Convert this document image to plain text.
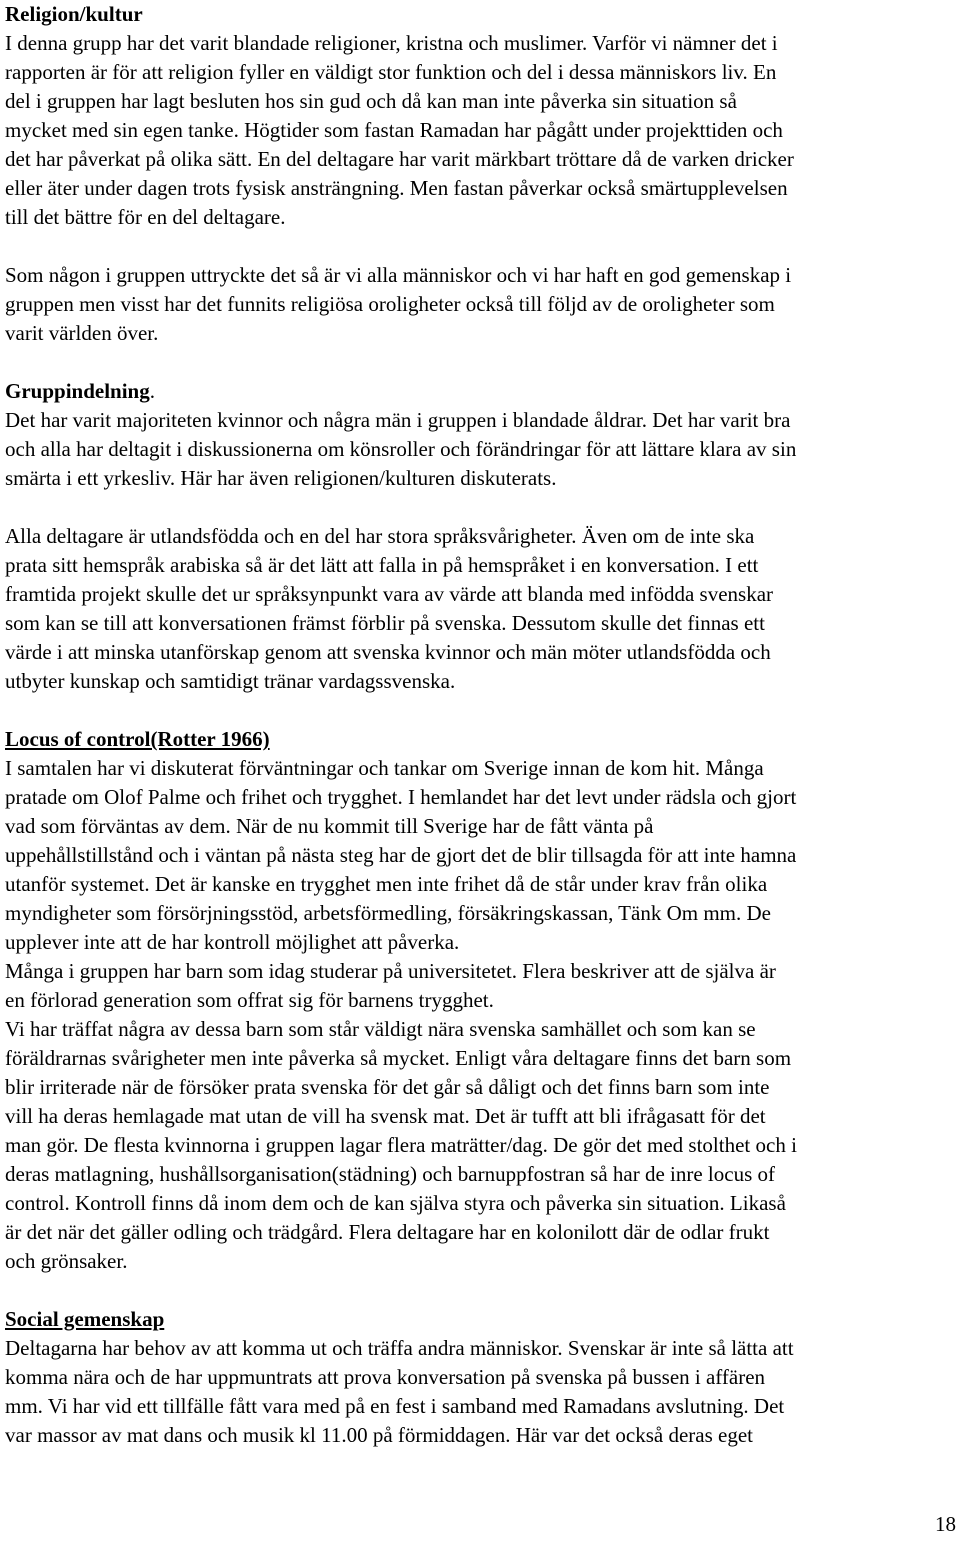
Religion/kultur
I denna grupp har det varit blandade religioner, kristna och muslimer. Varför vi nämner det i
rapporten är för att religion fyller en väldigt stor funktion och del i dessa människors liv. En
del i gruppen har lagt besluten hos sin gud och då kan man inte påverka sin situation så
mycket med sin egen tanke. Högtider som fastan Ramadan har pågått under projekttiden och
det har påverkat på olika sätt. En del deltagare har varit märkbart tröttare då de varken dricker
eller äter under dagen trots fysisk ansträngning. Men fastan påverkar också smärtupplevelsen
till det bättre för en del deltagare.
Som någon i gruppen uttryckte det så är vi alla människor och vi har haft en god gemenskap i
gruppen men visst har det funnits religiösa oroligheter också till följd av de oroligheter som
varit världen över.
Gruppindelning.
Det har varit majoriteten kvinnor och några män i gruppen i blandade åldrar. Det har varit bra
och alla har deltagit i diskussionerna om könsroller och förändringar för att lättare klara av sin
smärta i ett yrkesliv. Här har även religionen/kulturen diskuterats.
Alla deltagare är utlandsfödda och en del har stora språksvårigheter. Även om de inte ska
prata sitt hemspråk arabiska så är det lätt att falla in på hemspråket i en konversation. I ett
framtida projekt skulle det ur språksynpunkt vara av värde att blanda med infödda svenskar
som kan se till att konversationen främst förblir på svenska. Dessutom skulle det finnas ett
värde i att minska utanförskap genom att svenska kvinnor och män möter utlandsfödda och
utbyter kunskap och samtidigt tränar vardagssvenska.
Locus of control(Rotter 1966)
I samtalen har vi diskuterat förväntningar och tankar om Sverige innan de kom hit. Många
pratade om Olof Palme och frihet och trygghet. I hemlandet har det levt under rädsla och gjort
vad som förväntas av dem. När de nu kommit till Sverige har de fått vänta på
uppehållstillstånd och i väntan på nästa steg har de gjort det de blir tillsagda för att inte hamna
utanför systemet. Det är kanske en trygghet men inte frihet då de står under krav från olika
myndigheter som försörjningsstöd, arbetsförmedling, försäkringskassan, Tänk Om mm. De
upplever inte att de har kontroll möjlighet att påverka.
Många i gruppen har barn som idag studerar på universitetet. Flera beskriver att de själva är
en förlorad generation som offrat sig för barnens trygghet.
Vi har träffat några av dessa barn som står väldigt nära svenska samhället och som kan se
föräldrarnas svårigheter men inte påverka så mycket. Enligt våra deltagare finns det barn som
blir irriterade när de försöker prata svenska för det går så dåligt och det finns barn som inte
vill ha deras hemlagade mat utan de vill ha svensk mat. Det är tufft att bli ifrågasatt för det
man gör. De flesta kvinnorna i gruppen lagar flera maträtter/dag. De gör det med stolthet och i
deras matlagning, hushållsorganisation(städning) och barnuppfostran så har de inre locus of
control. Kontroll finns då inom dem och de kan själva styra och påverka sin situation. Likaså
är det när det gäller odling och trädgård. Flera deltagare har en kolonilott där de odlar frukt
och grönsaker.
Social gemenskap
Deltagarna har behov av att komma ut och träffa andra människor. Svenskar är inte så lätta att
komma nära och de har uppmuntrats att prova konversation på svenska på bussen i affären
mm. Vi har vid ett tillfälle fått vara med på en fest i samband med Ramadans avslutning. Det
var massor av mat dans och musik kl 11.00 på förmiddagen. Här var det också deras eget
18
